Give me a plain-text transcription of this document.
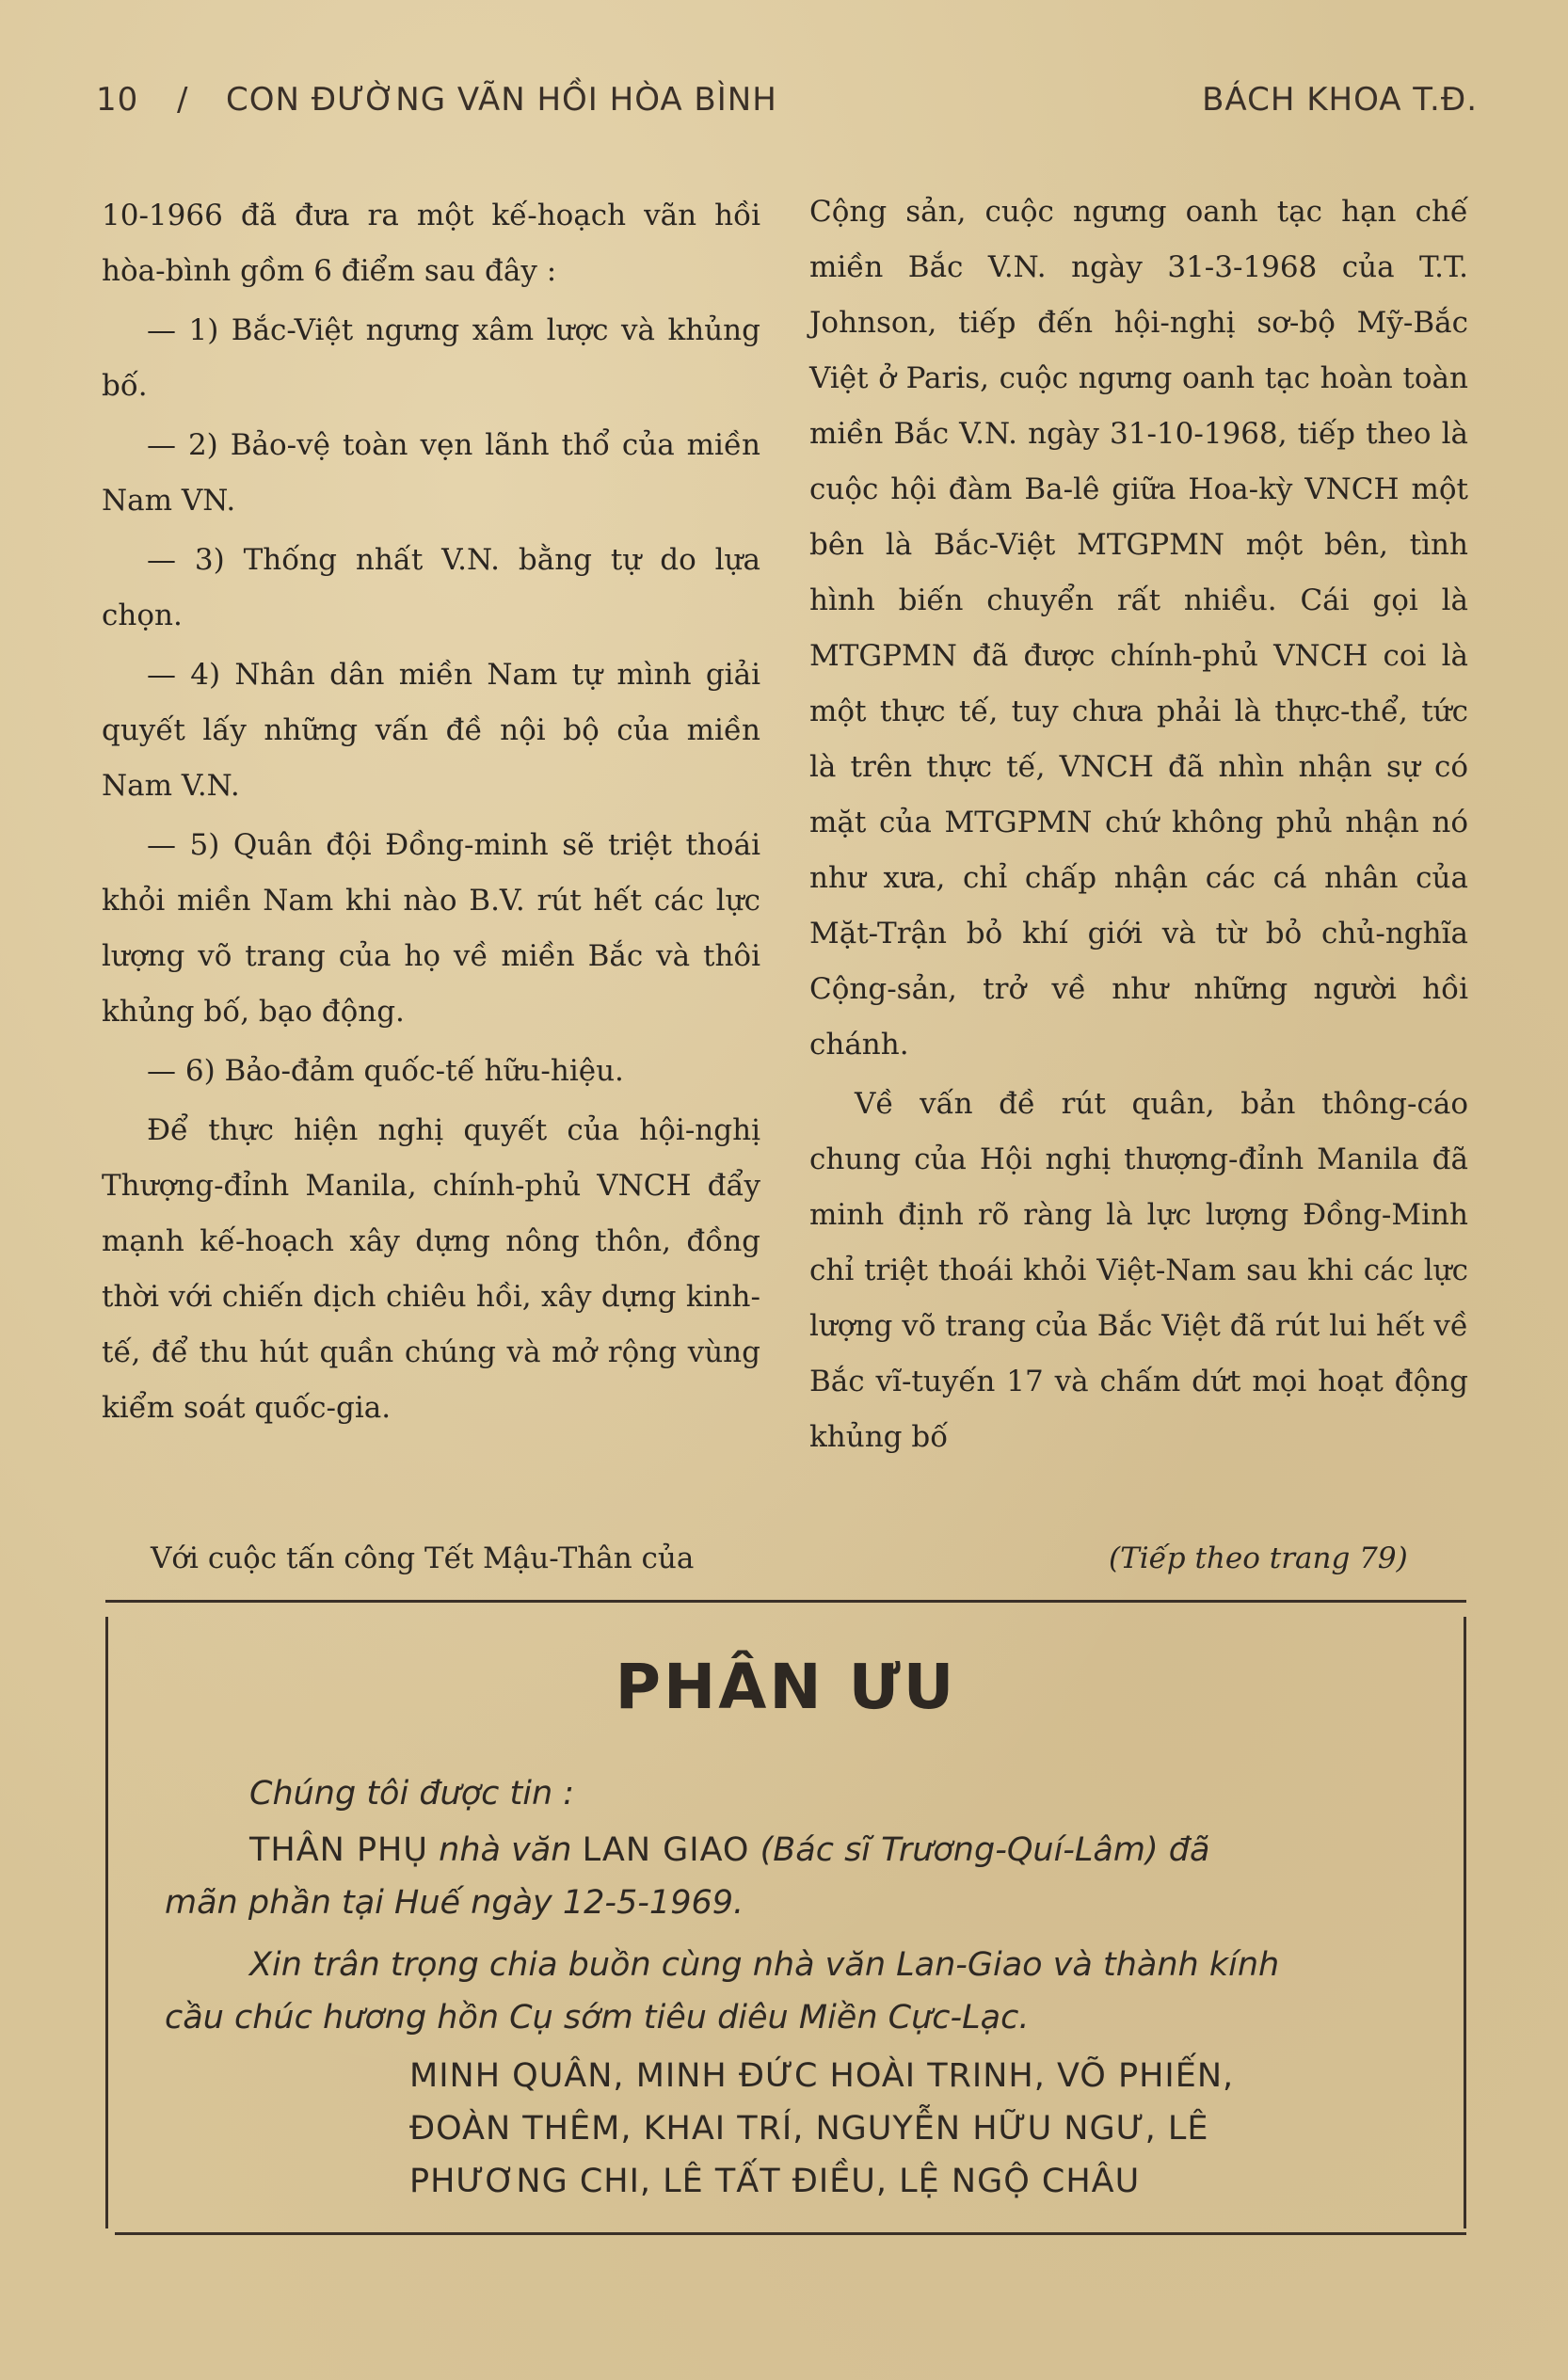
10 / CON ĐƯỜNG VÃN HỒI HÒA BÌNH	BÁCH KHOA T.Đ.

10-1966 đã đưa ra một kế-hoạch vãn hồi hòa-bình gồm 6 điểm sau đây :

— 1) Bắc-Việt ngưng xâm lược và khủng bố.

— 2) Bảo-vệ toàn vẹn lãnh thổ của miền Nam VN.

— 3) Thống nhất V.N. bằng tự do lựa chọn.

— 4) Nhân dân miền Nam tự mình giải quyết lấy những vấn đề nội bộ của miền Nam V.N.

— 5) Quân đội Đồng-minh sẽ triệt thoái khỏi miền Nam khi nào B.V. rút hết các lực lượng võ trang của họ về miền Bắc và thôi khủng bố, bạo động.

— 6) Bảo-đảm quốc-tế hữu-hiệu.

Để thực hiện nghị quyết của hội-nghị Thượng-đỉnh Manila, chính-phủ VNCH đẩy mạnh kế-hoạch xây dựng nông thôn, đồng thời với chiến dịch chiêu hồi, xây dựng kinh-tế, để thu hút quần chúng và mở rộng vùng kiểm soát quốc-gia.

Cộng sản, cuộc ngưng oanh tạc hạn chế miền Bắc V.N. ngày 31-3-1968 của T.T. Johnson, tiếp đến hội-nghị sơ-bộ Mỹ-Bắc Việt ở Paris, cuộc ngưng oanh tạc hoàn toàn miền Bắc V.N. ngày 31-10-1968, tiếp theo là cuộc hội đàm Ba-lê giữa Hoa-kỳ VNCH một bên là Bắc-Việt MTGPMN một bên, tình hình biến chuyển rất nhiều. Cái gọi là MTGPMN đã được chính-phủ VNCH coi là một thực tế, tuy chưa phải là thực-thể, tức là trên thực tế, VNCH đã nhìn nhận sự có mặt của MTGPMN chứ không phủ nhận nó như xưa, chỉ chấp nhận các cá nhân của Mặt-Trận bỏ khí giới và từ bỏ chủ-nghĩa Cộng-sản, trở về như những người hồi chánh.

Về vấn đề rút quân, bản thông-cáo chung của Hội nghị thượng-đỉnh Manila đã minh định rõ ràng là lực lượng Đồng-Minh chỉ triệt thoái khỏi Việt-Nam sau khi các lực lượng võ trang của Bắc Việt đã rút lui hết về Bắc vĩ-tuyến 17 và chấm dứt mọi hoạt động khủng bố

Với cuộc tấn công Tết Mậu-Thân của	(Tiếp theo trang 79)
PHÂN ƯU
Chúng tôi được tin :
THÂN PHỤ nhà văn LAN GIAO (Bác sĩ Trương-Quí-Lâm) đã
mãn phần tại Huế ngày 12-5-1969.
Xin trân trọng chia buồn cùng nhà văn Lan-Giao và thành kính
cầu chúc hương hồn Cụ sớm tiêu diêu Miền Cực-Lạc.
MINH QUÂN, MINH ĐỨC HOÀI TRINH, VÕ PHIẾN,
ĐOÀN THÊM, KHAI TRÍ, NGUYỄN HỮU NGƯ, LÊ
PHƯƠNG CHI, LÊ TẤT ĐIỀU, LỆ NGỘ CHÂU
